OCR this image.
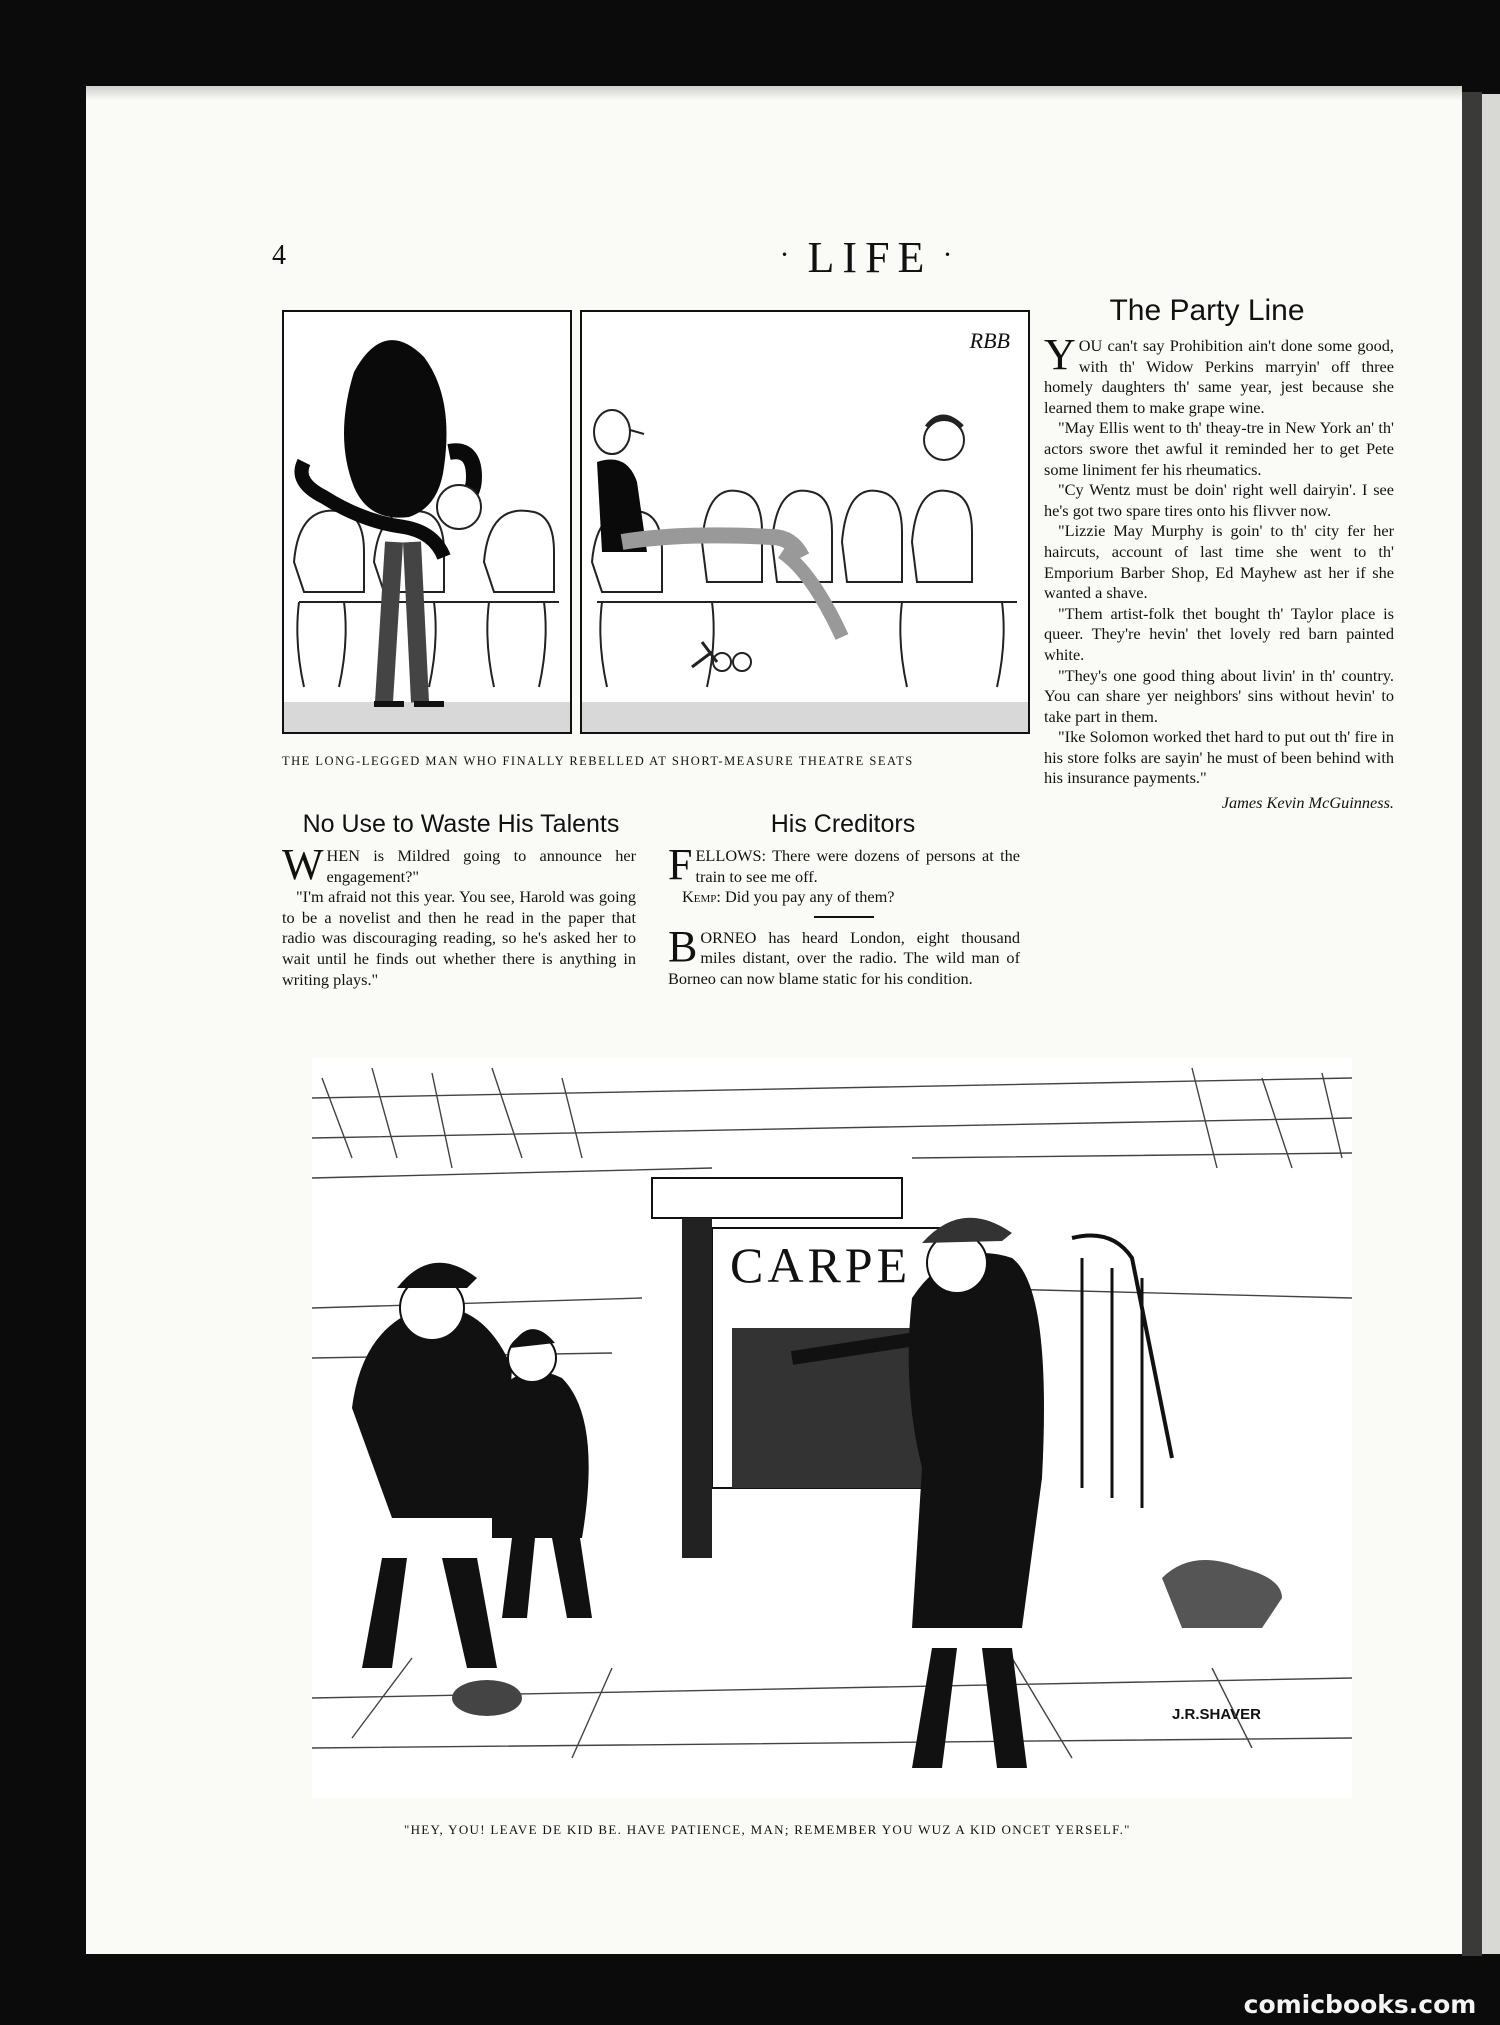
4	· LIFE ·
RBB
THE LONG-LEGGED MAN WHO FINALLY REBELLED AT SHORT-MEASURE THEATRE SEATS
No Use to Waste His Talents

WHEN is Mildred going to announce her engagement?"

"I'm afraid not this year. You see, Harold was going to be a novelist and then he read in the paper that radio was discouraging reading, so he's asked her to wait until he finds out whether there is anything in writing plays."

His Creditors

FELLOWS: There were dozens of persons at the train to see me off.

Kemp: Did you pay any of them?

BORNEO has heard London, eight thousand miles distant, over the radio. The wild man of Borneo can now blame static for his condition.

The Party Line

YOU can't say Prohibition ain't done some good, with th' Widow Perkins marryin' off three homely daughters th' same year, jest because she learned them to make grape wine.

"May Ellis went to th' theay-tre in New York an' th' actors swore thet awful it reminded her to get Pete some liniment fer his rheumatics.

"Cy Wentz must be doin' right well dairyin'. I see he's got two spare tires onto his flivver now.

"Lizzie May Murphy is goin' to th' city fer her haircuts, account of last time she went to th' Emporium Barber Shop, Ed Mayhew ast her if she wanted a shave.

"Them artist-folk thet bought th' Taylor place is queer. They're hevin' thet lovely red barn painted white.

"They's one good thing about livin' in th' country. You can share yer neighbors' sins without hevin' to take part in them.

"Ike Solomon worked thet hard to put out th' fire in his store folks are sayin' he must of been behind with his insurance payments."

James Kevin McGuinness.
CARPE
J.R.SHAVER
"HEY, YOU! LEAVE DE KID BE. HAVE PATIENCE, MAN; REMEMBER YOU WUZ A KID ONCET YERSELF."
comicbooks.com
